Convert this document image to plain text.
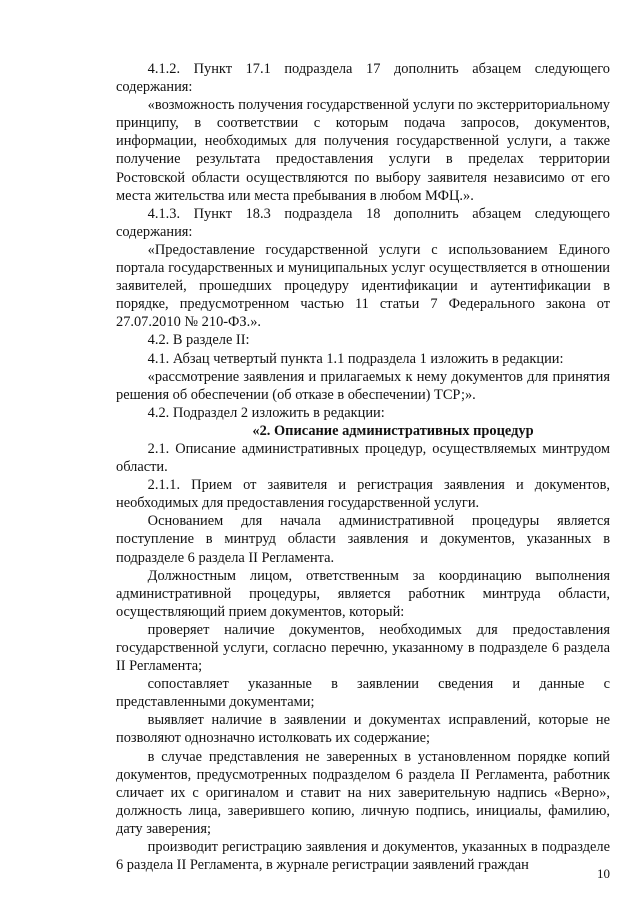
4.1.2. Пункт 17.1 подраздела 17 дополнить абзацем следующего содержания:

«возможность получения государственной услуги по экстерриториальному принципу, в соответствии с которым подача запросов, документов, информации, необходимых для получения государственной услуги, а также получение результата предоставления услуги в пределах территории Ростовской области осуществляются по выбору заявителя независимо от его места жительства или места пребывания в любом МФЦ.».

4.1.3. Пункт 18.3 подраздела 18 дополнить абзацем следующего содержания:

«Предоставление государственной услуги с использованием Единого портала государственных и муниципальных услуг осуществляется в отношении заявителей, прошедших процедуру идентификации и аутентификации в порядке, предусмотренном частью 11 статьи 7 Федерального закона от 27.07.2010 № 210-ФЗ.».

4.2. В разделе II:

4.1. Абзац четвертый пункта 1.1 подраздела 1 изложить в редакции:

«рассмотрение заявления и прилагаемых к нему документов для принятия решения об обеспечении (об отказе в обеспечении) ТСР;».

4.2. Подраздел 2 изложить в редакции:

«2. Описание административных процедур

2.1. Описание административных процедур, осуществляемых минтрудом области.

2.1.1. Прием от заявителя и регистрация заявления и документов, необходимых для предоставления государственной услуги.

Основанием для начала административной процедуры является поступление в минтруд области заявления и документов, указанных в подразделе 6 раздела II Регламента.

Должностным лицом, ответственным за координацию выполнения административной процедуры, является работник минтруда области, осуществляющий прием документов, который:

проверяет наличие документов, необходимых для предоставления государственной услуги, согласно перечню, указанному в подразделе 6 раздела II Регламента;

сопоставляет указанные в заявлении сведения и данные с представленными документами;

выявляет наличие в заявлении и документах исправлений, которые не позволяют однозначно истолковать их содержание;

в случае представления не заверенных в установленном порядке копий документов, предусмотренных подразделом 6 раздела II Регламента, работник сличает их с оригиналом и ставит на них заверительную надпись «Верно», должность лица, заверившего копию, личную подпись, инициалы, фамилию, дату заверения;

производит регистрацию заявления и документов, указанных в подразделе 6 раздела II Регламента, в журнале регистрации заявлений граждан

10
